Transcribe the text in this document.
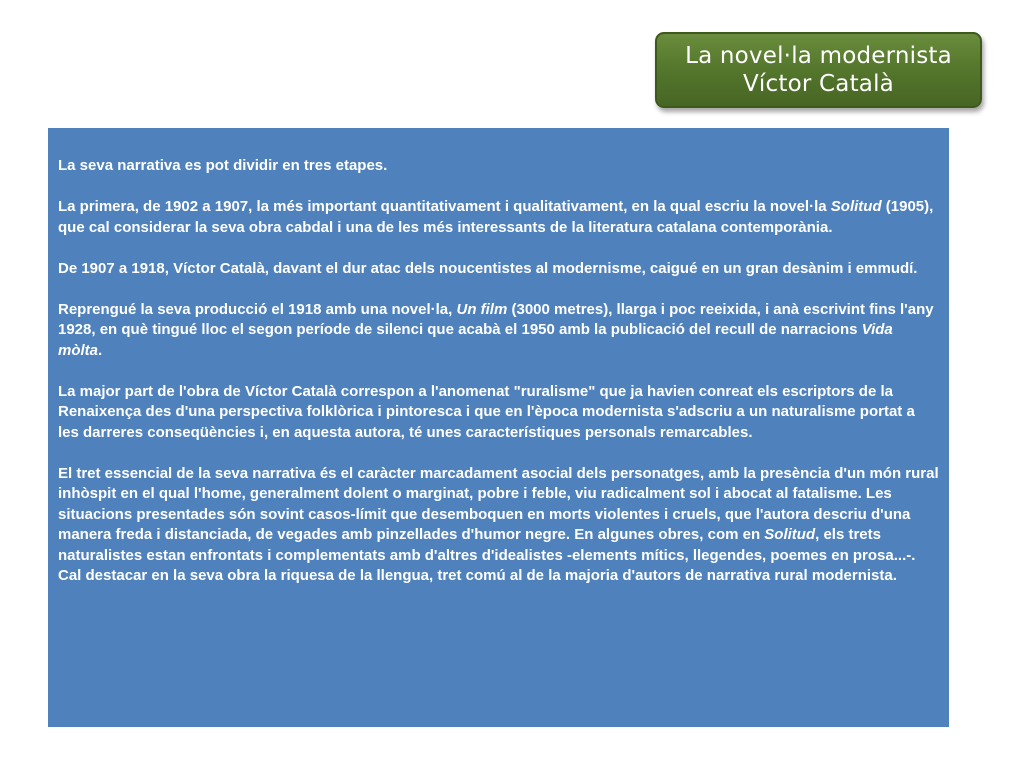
La novel·la modernista
Víctor Català

La seva narrativa es pot dividir en tres etapes.

La primera, de 1902 a 1907, la més important quantitativament i qualitativament, en la qual escriu la novel·la Solitud (1905), que cal considerar la seva obra cabdal i una de les més interessants de la literatura catalana contemporània.

De 1907 a 1918, Víctor Català, davant el dur atac dels noucentistes al modernisme, caigué en un gran desànim i emmudí.

Reprengué la seva producció el 1918 amb una novel·la, Un film (3000 metres), llarga i poc reeixida, i anà escrivint fins l'any 1928, en què tingué lloc el segon període de silenci que acabà el 1950 amb la publicació del recull de narracions Vida mòlta.

La major part de l'obra de Víctor Català correspon a l'anomenat "ruralisme" que ja havien conreat els escriptors de la Renaixença des d'una perspectiva folklòrica i pintoresca i que en l'època modernista s'adscriu a un naturalisme portat a les darreres conseqüències i, en aquesta autora, té unes característiques personals remarcables.

El tret essencial de la seva narrativa és el caràcter marcadament asocial dels personatges, amb la presència d'un món rural inhòspit en el qual l'home, generalment dolent o marginat, pobre i feble, viu radicalment sol i abocat al fatalisme. Les situacions presentades són sovint casos-límit que desemboquen en morts violentes i cruels, que l'autora descriu d'una manera freda i distanciada, de vegades amb pinzellades d'humor negre. En algunes obres, com en Solitud, els trets naturalistes estan enfrontats i complementats amb d'altres d'idealistes -elements mítics, llegendes, poemes en prosa...-. Cal destacar en la seva obra la riquesa de la llengua, tret comú al de la majoria d'autors de narrativa rural modernista.
